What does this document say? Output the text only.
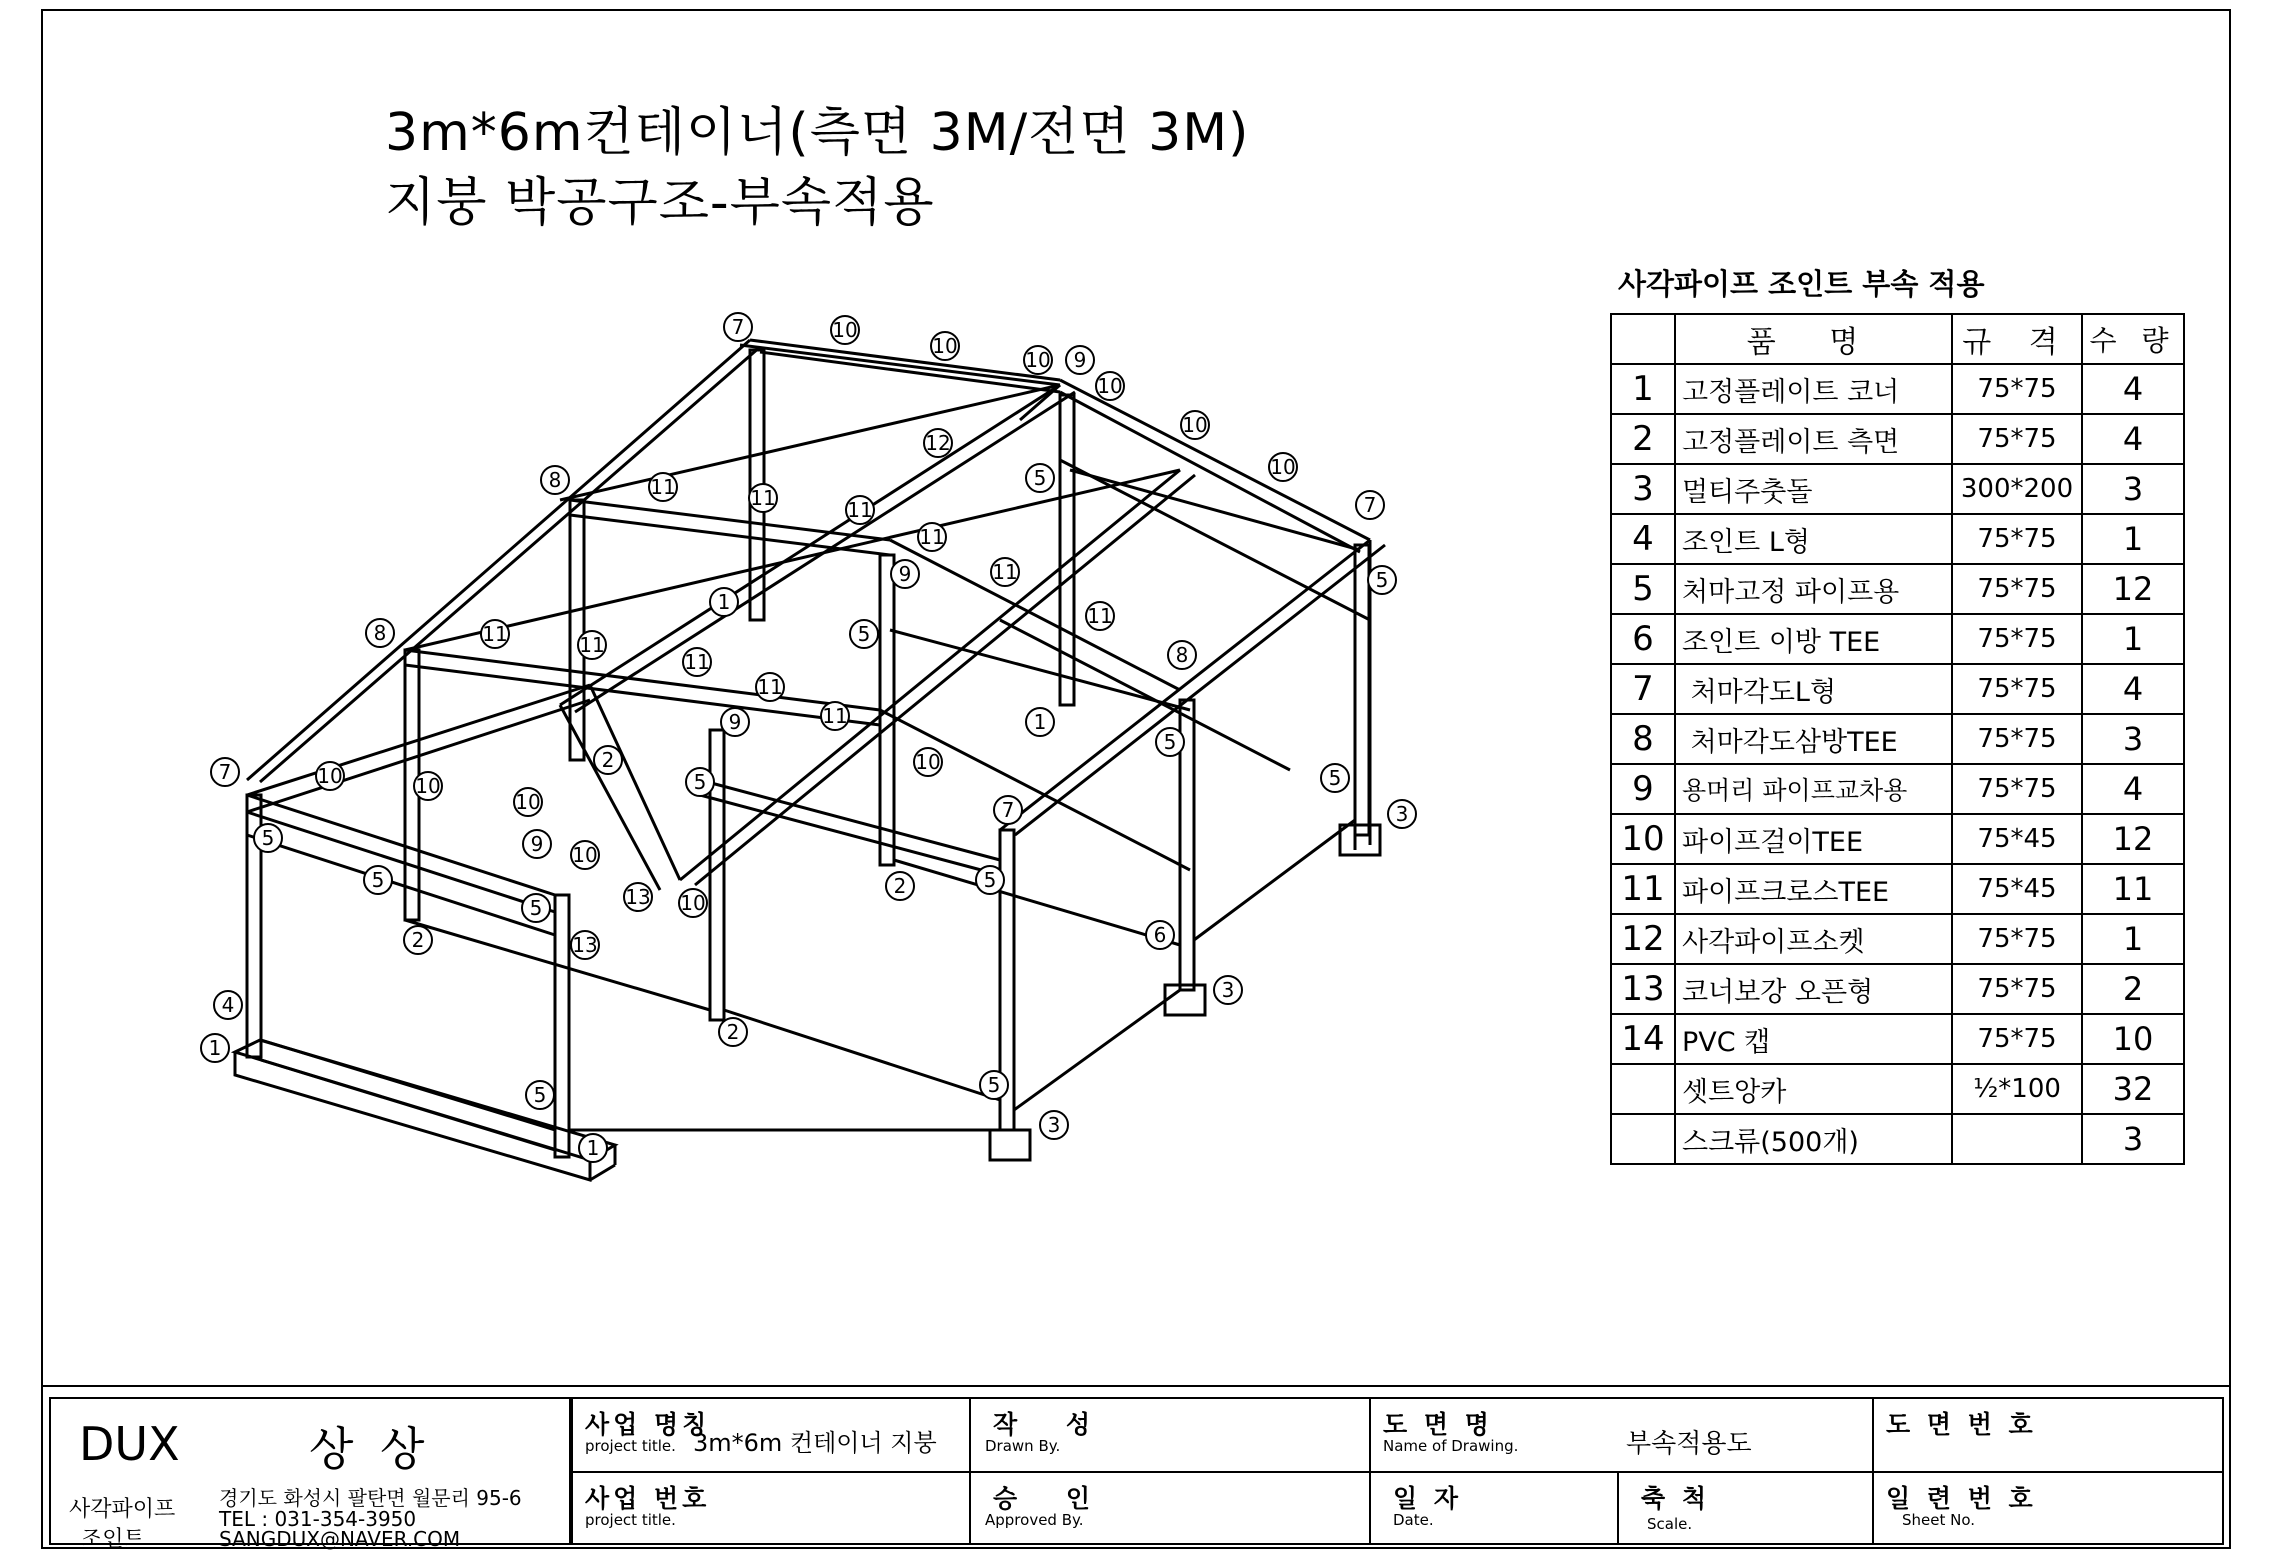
3m*6m컨테이너(측면 3M/전면 3M)
지붕 박공구조-부속적용
7	10
10
10 9
10
10
10
7
5
12
5
8	11	11	11
11
9	11
1
5
11
8	11	11
11
11
8
9	11	1
5
7	10	10
2
5
10
10
5
3
7
5	9 10
5
13 10
5
2	5
2	13	6
4
3
1
2
5	5
3
1
사각파이프 조인트 부속 적용
	품 명	규 격	수 량
1	고정플레이트 코너	75*75	4
2	고정플레이트 측면	75*75	4
3	멀티주춧돌	300*200	3
4	조인트 L형	75*75	1
5	처마고정 파이프용	75*75	12
6	조인트 이방 TEE	75*75	1
7	처마각도L형	75*75	4
8	처마각도삼방TEE	75*75	3
9	용머리 파이프교차용	75*75	4
10	파이프걸이TEE	75*45	12
11	파이프크로스TEE	75*45	11
12	사각파이프소켓	75*75	1
13	코너보강 오픈형	75*75	2
14	PVC 캡	75*75	10
	셋트앙카	½*100	32
	스크류(500개)		3
DUX	상 상
사각파이프
조인트
경기도 화성시 팔탄면 월문리 95-6
TEL : 031-354-3950
SANGDUX@NAVER.COM
사업 명칭
project title. 3m*6m 컨테이너 지붕
사업 번호
project title.
작 성
Drawn By.
승 인
Approved By.
도 면 명
Name of Drawing.	부속적용도
일 자
Date.
축 척
Scale.
도 면 번 호
일 련 번 호
Sheet No.
